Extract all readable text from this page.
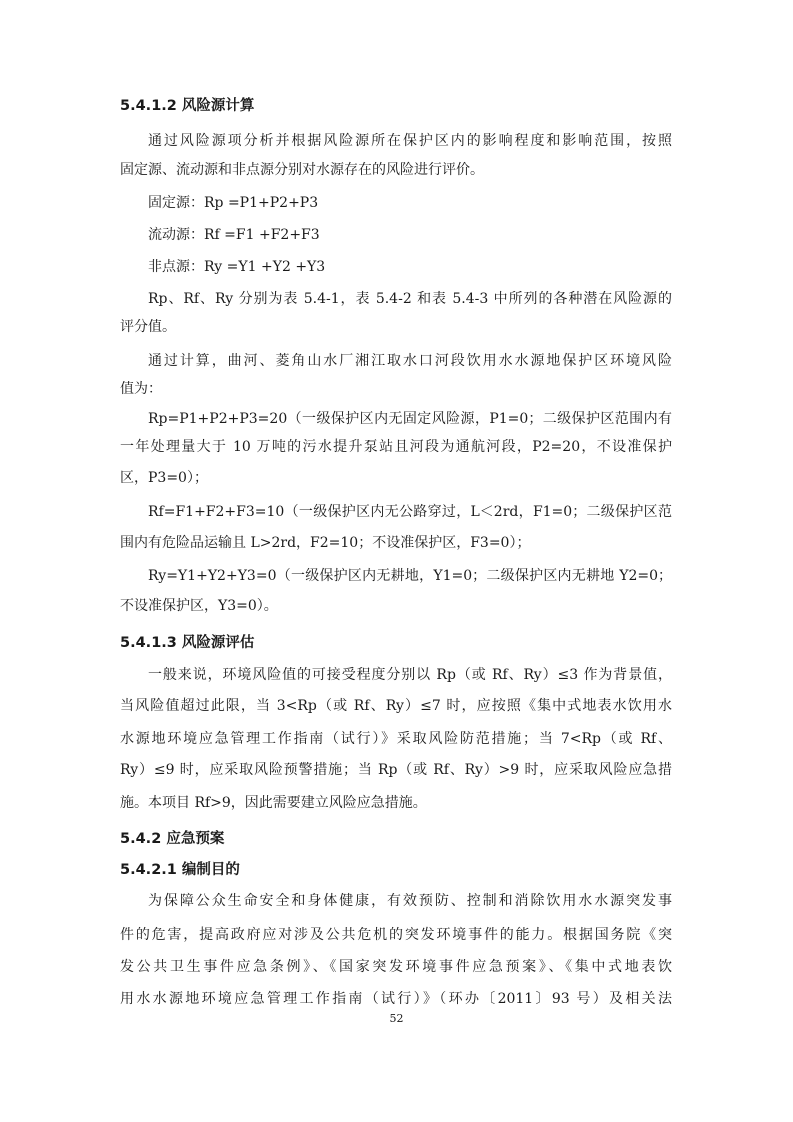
5.4.1.2 风险源计算
通过风险源项分析并根据风险源所在保护区内的影响程度和影响范围，按照
固定源、流动源和非点源分别对水源存在的风险进行评价。
固定源：Rp =P1+P2+P3
流动源：Rf =F1 +F2+F3
非点源：Ry =Y1 +Y2 +Y3
Rp、Rf、Ry 分别为表 5.4-1，表 5.4-2 和表 5.4-3 中所列的各种潜在风险源的
评分值。
通过计算，曲河、菱角山水厂湘江取水口河段饮用水水源地保护区环境风险
值为：
Rp=P1+P2+P3=20（一级保护区内无固定风险源，P1=0；二级保护区范围内有
一年处理量大于 10 万吨的污水提升泵站且河段为通航河段，P2=20，不设准保护
区，P3=0）；
Rf=F1+F2+F3=10（一级保护区内无公路穿过，L＜2rd，F1=0；二级保护区范
围内有危险品运输且 L>2rd，F2=10；不设准保护区，F3=0）；
Ry=Y1+Y2+Y3=0（一级保护区内无耕地，Y1=0；二级保护区内无耕地 Y2=0；
不设准保护区，Y3=0）。
5.4.1.3 风险源评估
一般来说，环境风险值的可接受程度分别以 Rp（或 Rf、Ry）≤3 作为背景值，
当风险值超过此限，当 3<Rp（或 Rf、Ry）≤7 时，应按照《集中式地表水饮用水
水源地环境应急管理工作指南（试行）》采取风险防范措施；当 7<Rp（或 Rf、
Ry）≤9 时，应采取风险预警措施；当 Rp（或 Rf、Ry）>9 时，应采取风险应急措
施。本项目 Rf>9，因此需要建立风险应急措施。
5.4.2 应急预案
5.4.2.1 编制目的
为保障公众生命安全和身体健康，有效预防、控制和消除饮用水水源突发事
件的危害，提高政府应对涉及公共危机的突发环境事件的能力。根据国务院《突
发公共卫生事件应急条例》、《国家突发环境事件应急预案》、《集中式地表饮
用水水源地环境应急管理工作指南（试行）》（环办〔2011〕93 号）及相关法
52
